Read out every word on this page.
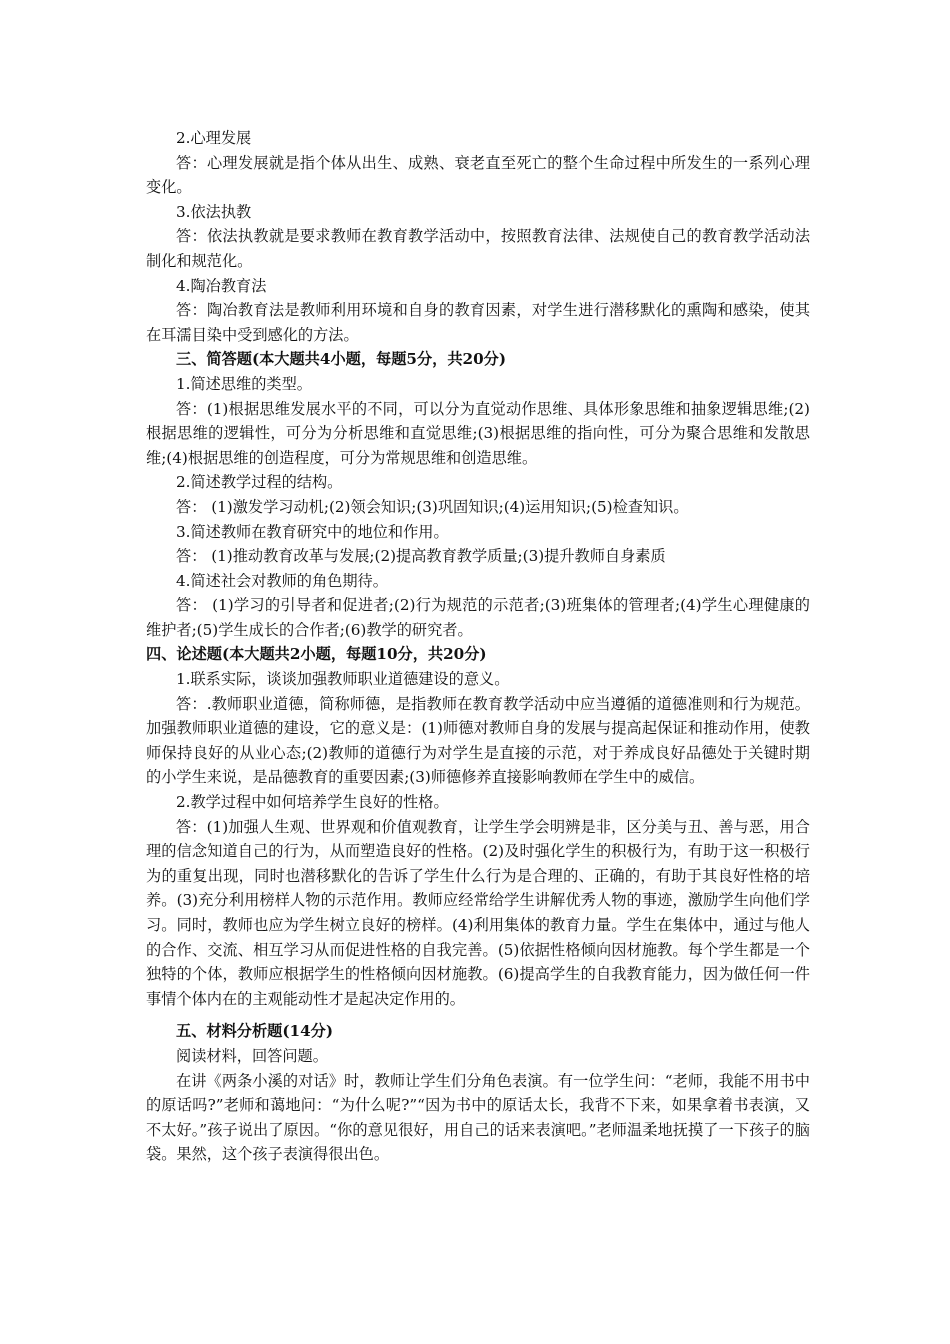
2.心理发展

答：心理发展就是指个体从出生、成熟、衰老直至死亡的整个生命过程中所发生的一系列心理变化。

3.依法执教

答：依法执教就是要求教师在教育教学活动中，按照教育法律、法规使自己的教育教学活动法制化和规范化。

4.陶冶教育法

答：陶冶教育法是教师利用环境和自身的教育因素，对学生进行潜移默化的熏陶和感染，使其在耳濡目染中受到感化的方法。

三、简答题(本大题共4小题，每题5分，共20分)

1.简述思维的类型。

答：(1)根据思维发展水平的不同，可以分为直觉动作思维、具体形象思维和抽象逻辑思维;(2)根据思维的逻辑性，可分为分析思维和直觉思维;(3)根据思维的指向性，可分为聚合思维和发散思维;(4)根据思维的创造程度，可分为常规思维和创造思维。

2.简述教学过程的结构。

答： (1)激发学习动机;(2)领会知识;(3)巩固知识;(4)运用知识;(5)检查知识。

3.简述教师在教育研究中的地位和作用。

答： (1)推动教育改革与发展;(2)提高教育教学质量;(3)提升教师自身素质

4.简述社会对教师的角色期待。

答： (1)学习的引导者和促进者;(2)行为规范的示范者;(3)班集体的管理者;(4)学生心理健康的维护者;(5)学生成长的合作者;(6)教学的研究者。

四、论述题(本大题共2小题，每题10分，共20分)

1.联系实际，谈谈加强教师职业道德建设的意义。

答：.教师职业道德，简称师德，是指教师在教育教学活动中应当遵循的道德准则和行为规范。加强教师职业道德的建设，它的意义是：(1)师德对教师自身的发展与提高起保证和推动作用，使教师保持良好的从业心态;(2)教师的道德行为对学生是直接的示范，对于养成良好品德处于关键时期的小学生来说，是品德教育的重要因素;(3)师德修养直接影响教师在学生中的威信。

2.教学过程中如何培养学生良好的性格。

答：(1)加强人生观、世界观和价值观教育，让学生学会明辨是非，区分美与丑、善与恶，用合理的信念知道自己的行为，从而塑造良好的性格。(2)及时强化学生的积极行为，有助于这一积极行为的重复出现，同时也潜移默化的告诉了学生什么行为是合理的、正确的，有助于其良好性格的培养。(3)充分利用榜样人物的示范作用。教师应经常给学生讲解优秀人物的事迹，激励学生向他们学习。同时，教师也应为学生树立良好的榜样。(4)利用集体的教育力量。学生在集体中，通过与他人的合作、交流、相互学习从而促进性格的自我完善。(5)依据性格倾向因材施教。每个学生都是一个独特的个体，教师应根据学生的性格倾向因材施教。(6)提高学生的自我教育能力，因为做任何一件事情个体内在的主观能动性才是起决定作用的。

五、材料分析题(14分)

阅读材料，回答问题。

在讲《两条小溪的对话》时，教师让学生们分角色表演。有一位学生问：“老师，我能不用书中的原话吗?”老师和蔼地问：“为什么呢?”“因为书中的原话太长，我背不下来，如果拿着书表演，又不太好。”孩子说出了原因。“你的意见很好，用自己的话来表演吧。”老师温柔地抚摸了一下孩子的脑袋。果然，这个孩子表演得很出色。
